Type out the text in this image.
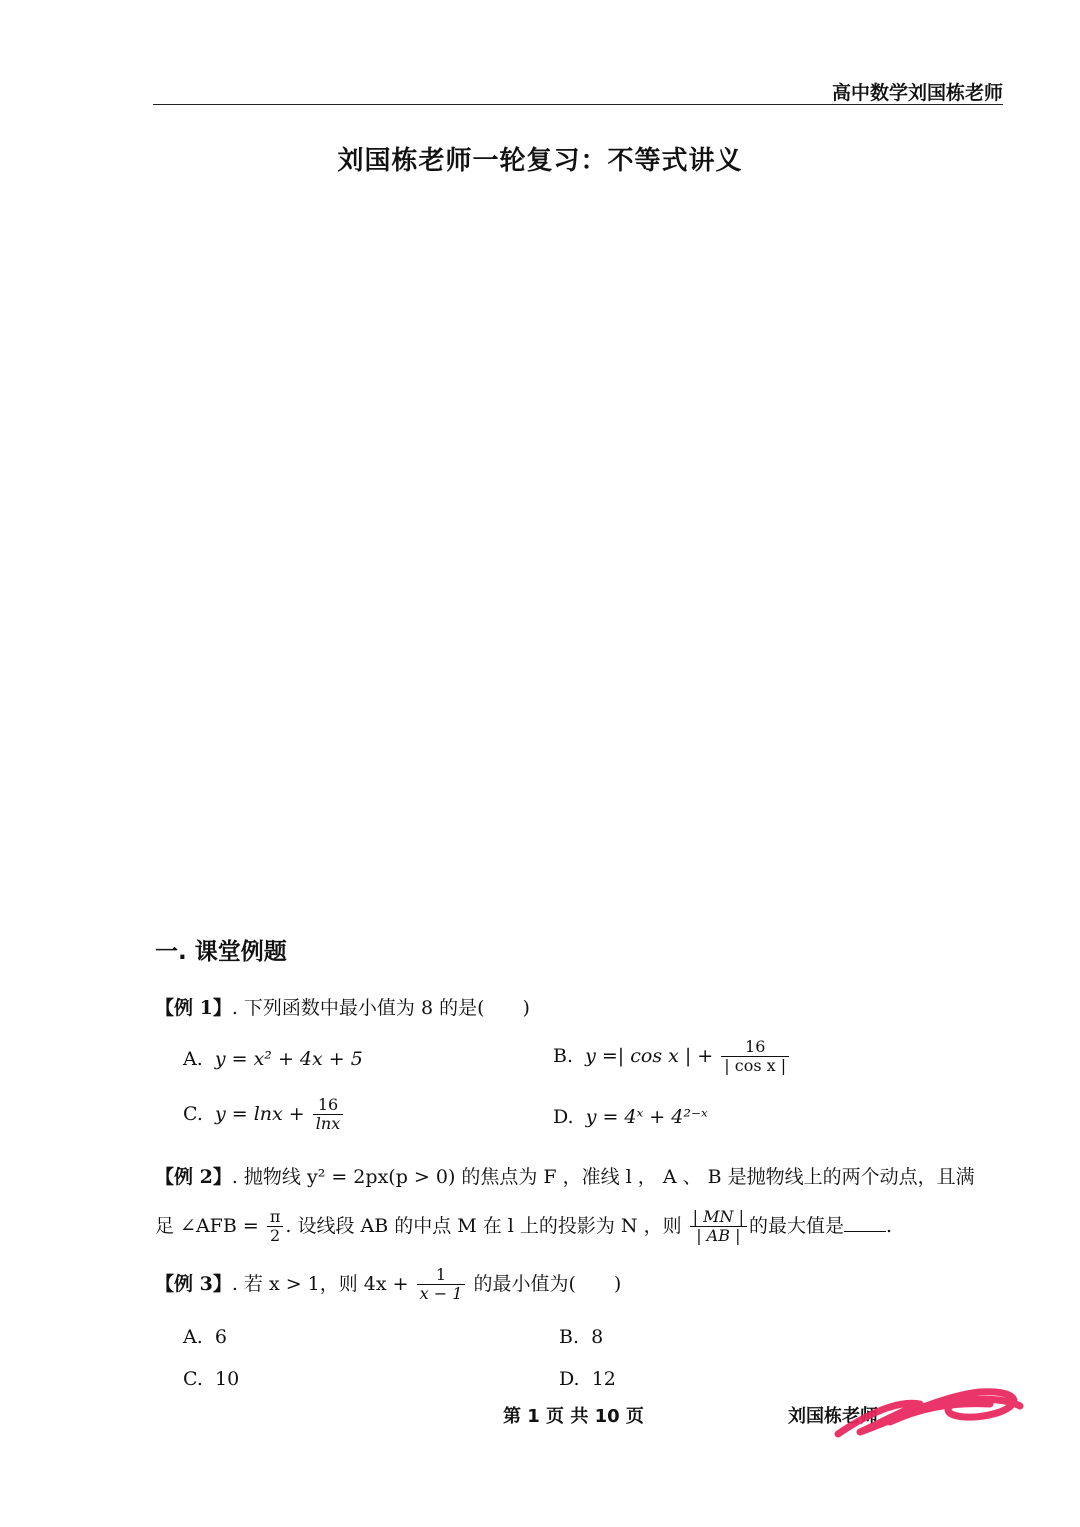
高中数学刘国栋老师
刘国栋老师一轮复习：不等式讲义
一. 课堂例题
【例 1】. 下列函数中最小值为 8 的是(　　)
A. y = x² + 4x + 5	B. y =| cos x | + $\frac{16}{\text{| cos x |}}$
C. $y = \ln x + \frac{16}{\ln x}$	D. y = 4ˣ + 4²⁻ˣ
【例 2】. 抛物线 y² = 2px(p > 0) 的焦点为 F ，准线 l ， A 、 B 是抛物线上的两个动点，且满
足 ∠AFB = $\frac{\pi}{2}$ . 设线段 AB 的中点 M 在 l 上的投影为 N ，则 $\frac{| MN |}{| AB |}$ 的最大值是 .
【例 3】. 若 x > 1，则 $4x + \frac{1}{x - 1}$ 的最小值为(　　)
A. 6	B. 8
C. 10	D. 12
第 1 页 共 10 页	刘国栋老师
